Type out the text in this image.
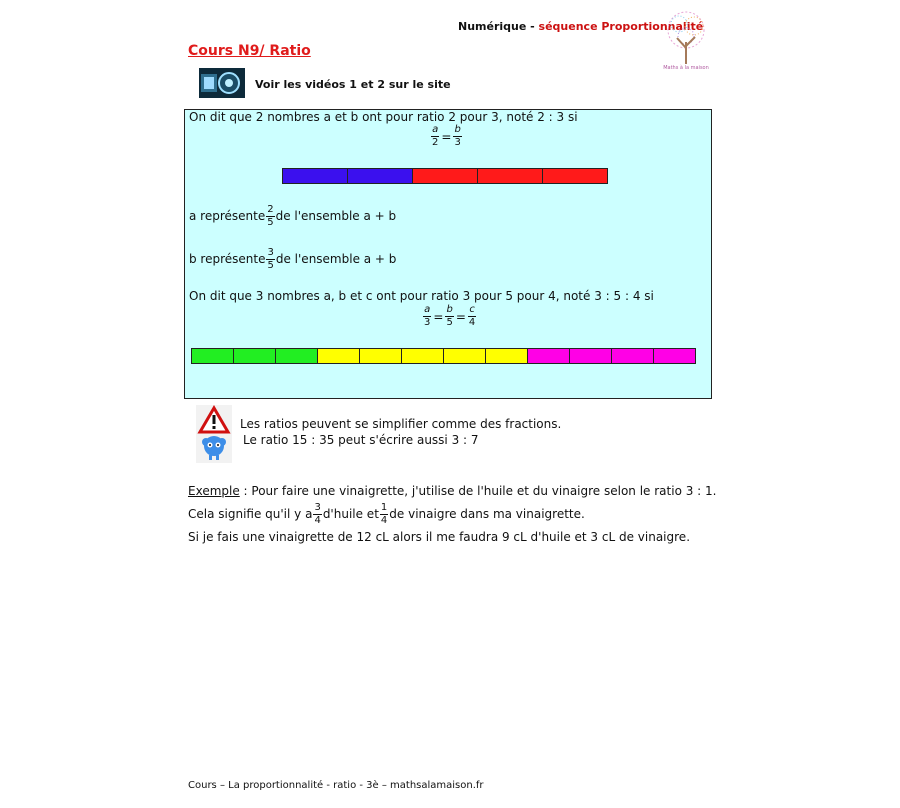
Numérique - séquence Proportionnalité
Maths à la maison
Cours N9/ Ratio
Voir les vidéos 1 et 2 sur le site
On dit que 2 nombres a et b ont pour ratio 2 pour 3, noté 2 : 3 si
$\frac{a}{2} = \frac{b}{3}$
a représente $\frac{2}{5}$ de l'ensemble a + b
b représente $\frac{3}{5}$ de l'ensemble a + b
On dit que 3 nombres a, b et c ont pour ratio 3 pour 5 pour 4, noté 3 : 5 : 4 si
$\frac{a}{3} = \frac{b}{5} = \frac{c}{4}$
Les ratios peuvent se simplifier comme des fractions.
Le ratio 15 : 35 peut s'écrire aussi 3 : 7
Exemple : Pour faire une vinaigrette, j'utilise de l'huile et du vinaigre selon le ratio 3 : 1.
Cela signifie qu'il y a $\frac{3}{4}$ d'huile et $\frac{1}{4}$ de vinaigre dans ma vinaigrette.
Si je fais une vinaigrette de 12 cL alors il me faudra 9 cL d'huile et 3 cL de vinaigre.
Cours – La proportionnalité - ratio - 3è – mathsalamaison.fr
